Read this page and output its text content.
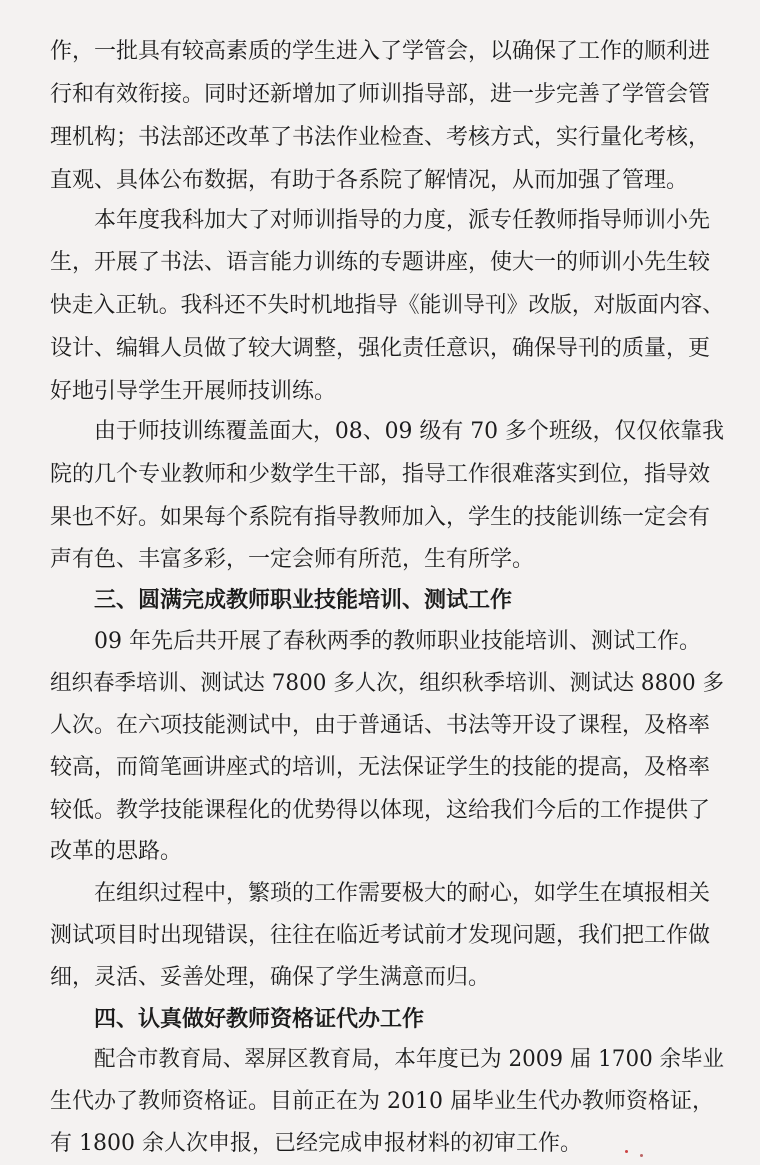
作，一批具有较高素质的学生进入了学管会，以确保了工作的顺利进
行和有效衔接。同时还新增加了师训指导部，进一步完善了学管会管
理机构；书法部还改革了书法作业检查、考核方式，实行量化考核，
直观、具体公布数据，有助于各系院了解情况，从而加强了管理。
本年度我科加大了对师训指导的力度，派专任教师指导师训小先
生，开展了书法、语言能力训练的专题讲座，使大一的师训小先生较
快走入正轨。我科还不失时机地指导《能训导刊》改版，对版面内容、
设计、编辑人员做了较大调整，强化责任意识，确保导刊的质量，更
好地引导学生开展师技训练。
由于师技训练覆盖面大，08、09 级有 70 多个班级，仅仅依靠我
院的几个专业教师和少数学生干部，指导工作很难落实到位，指导效
果也不好。如果每个系院有指导教师加入，学生的技能训练一定会有
声有色、丰富多彩，一定会师有所范，生有所学。
三、圆满完成教师职业技能培训、测试工作
09 年先后共开展了春秋两季的教师职业技能培训、测试工作。
组织春季培训、测试达 7800 多人次，组织秋季培训、测试达 8800 多
人次。在六项技能测试中，由于普通话、书法等开设了课程，及格率
较高，而简笔画讲座式的培训，无法保证学生的技能的提高，及格率
较低。教学技能课程化的优势得以体现，这给我们今后的工作提供了
改革的思路。
在组织过程中，繁琐的工作需要极大的耐心，如学生在填报相关
测试项目时出现错误，往往在临近考试前才发现问题，我们把工作做
细，灵活、妥善处理，确保了学生满意而归。
四、认真做好教师资格证代办工作
配合市教育局、翠屏区教育局，本年度已为 2009 届 1700 余毕业
生代办了教师资格证。目前正在为 2010 届毕业生代办教师资格证，
有 1800 余人次申报，已经完成申报材料的初审工作。
